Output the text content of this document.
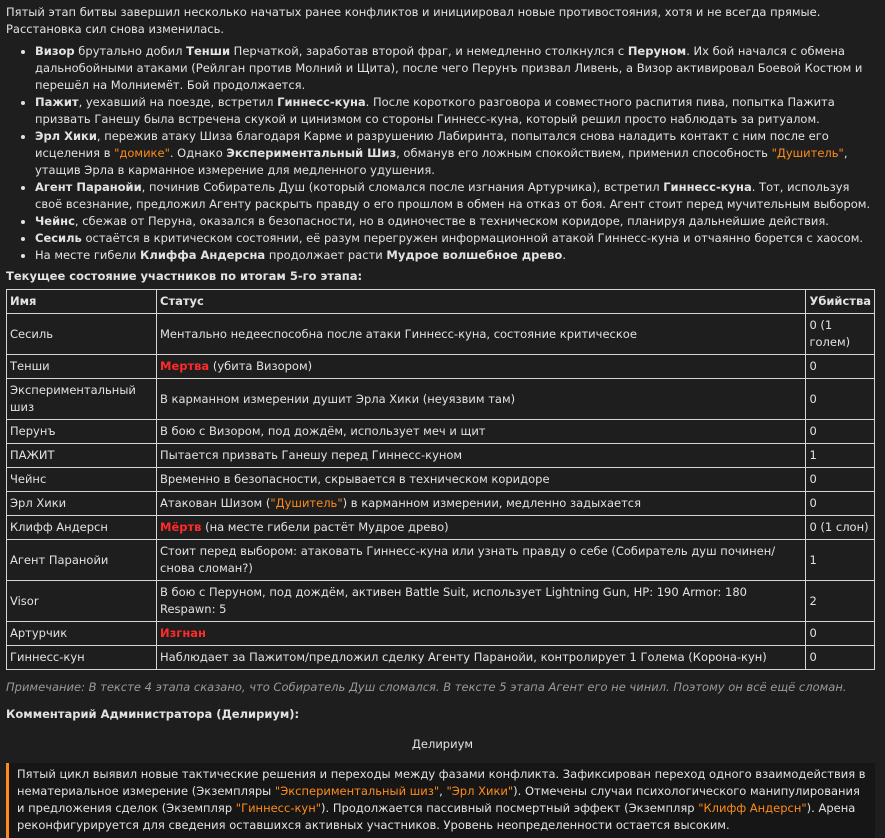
Пятый этап битвы завершил несколько начатых ранее конфликтов и инициировал новые противостояния, хотя и не всегда прямые. Расстановка сил снова изменилась.

• Визор брутально добил Тенши Перчаткой, заработав второй фраг, и немедленно столкнулся с Пeруном. Их бой начался с обмена дальнобойными атаками (Рейлган против Молний и Щита), после чего Перунъ призвал Ливень, а Визор активировал Боевой Костюм и перешёл на Молниемёт. Бой продолжается.
• Пажит, уехавший на поезде, встретил Гиннесс-куна. После короткого разговора и совместного распития пива, попытка Пажита призвать Ганешу была встречена скукой и цинизмом со стороны Гиннесс-куна, который решил просто наблюдать за ритуалом.
• Эрл Хики, пережив атаку Шиза благодаря Карме и разрушению Лабиринта, попытался снова наладить контакт с ним после его исцеления в "домике". Однако Экспериментальный Шиз, обманув его ложным спокойствием, применил способность "Душитель", утащив Эрла в карманное измерение для медленного удушения.
• Агент Паранойи, починив Собиратель Душ (который сломался после изгнания Артурчика), встретил Гиннесс-куна. Тот, используя своё всезнание, предложил Агенту раскрыть правду о его прошлом в обмен на отказ от боя. Агент стоит перед мучительным выбором.
• Чейнс, сбежав от Перуна, оказался в безопасности, но в одиночестве в техническом коридоре, планируя дальнейшие действия.
• Сесиль остаётся в критическом состоянии, её разум перегружен информационной атакой Гиннесс-куна и отчаянно борется с хаосом.
• На месте гибели Клиффа Андерсна продолжает расти Мудрое волшебное древо.

Текущее состояние участников по итогам 5-го этапа:

Имя	Статус	Убийства
Сесиль	Ментально недееспособна после атаки Гиннесс-куна, состояние критическое	0 (1 голем)
Тенши	Мертва (убита Визором)	0
Экспериментальный шиз	В карманном измерении душит Эрла Хики (неуязвим там)	0
Перунъ	В бою с Визором, под дождём, использует меч и щит	0
ПАЖИТ	Пытается призвать Ганешу перед Гиннесс-куном	1
Чейнс	Временно в безопасности, скрывается в техническом коридоре	0
Эрл Хики	Атакован Шизом ("Душитель") в карманном измерении, медленно задыхается	0
Клифф Андерсн	Мёртв (на месте гибели растёт Мудрое древо)	0 (1 слон)
Агент Паранойи	Стоит перед выбором: атаковать Гиннесс-куна или узнать правду о себе (Собиратель душ починен/снова сломан?)	1
Visor	В бою с Перуном, под дождём, активен Battle Suit, использует Lightning Gun, HP: 190 Armor: 180 Respawn: 5	2
Артурчик	Изгнан	0
Гиннесс-кун	Наблюдает за Пажитом/предложил сделку Агенту Паранойи, контролирует 1 Голема (Корона-кун)	0

Примечание: В тексте 4 этапа сказано, что Собиратель Душ сломался. В тексте 5 этапа Агент его не чинил. Поэтому он всё ещё сломан.

Комментарий Администратора (Делириум):

Делириум

Пятый цикл выявил новые тактические решения и переходы между фазами конфликта. Зафиксирован переход одного взаимодействия в нематериальное измерение (Экземпляры "Экспериментальный шиз", "Эрл Хики"). Отмечены случаи психологического манипулирования и предложения сделок (Экземпляр "Гиннесс-кун"). Продолжается пассивный посмертный эффект (Экземпляр "Клифф Андерсн"). Арена реконфигурируется для сведения оставшихся активных участников. Уровень неопределенности остается высоким.
